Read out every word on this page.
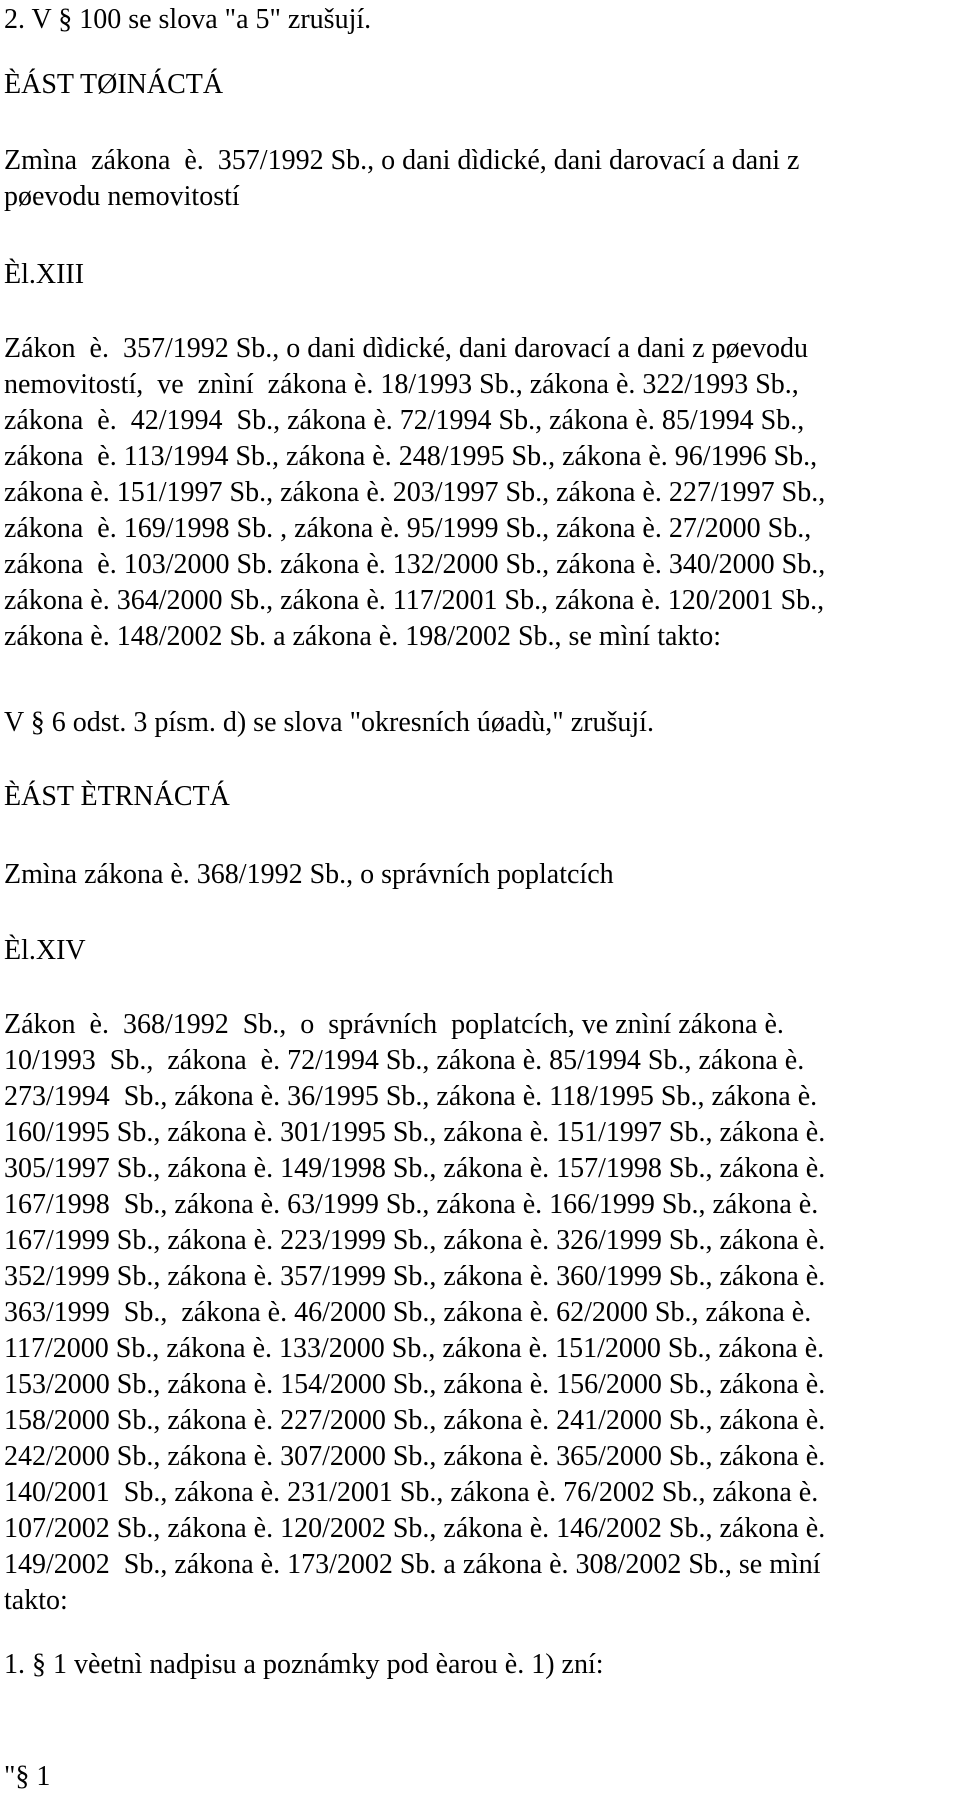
2. V § 100 se slova "a 5" zrušují.

ÈÁST TØINÁCTÁ

Zmìna  zákona  è.  357/1992 Sb., o dani dìdické, dani darovací a dani z
pøevodu nemovitostí

Èl.XIII

Zákon  è.  357/1992 Sb., o dani dìdické, dani darovací a dani z pøevodu
nemovitostí,  ve  znìní  zákona è. 18/1993 Sb., zákona è. 322/1993 Sb.,
zákona  è.  42/1994  Sb., zákona è. 72/1994 Sb., zákona è. 85/1994 Sb.,
zákona  è. 113/1994 Sb., zákona è. 248/1995 Sb., zákona è. 96/1996 Sb.,
zákona è. 151/1997 Sb., zákona è. 203/1997 Sb., zákona è. 227/1997 Sb.,
zákona  è. 169/1998 Sb. , zákona è. 95/1999 Sb., zákona è. 27/2000 Sb.,
zákona  è. 103/2000 Sb. zákona è. 132/2000 Sb., zákona è. 340/2000 Sb.,
zákona è. 364/2000 Sb., zákona è. 117/2001 Sb., zákona è. 120/2001 Sb.,
zákona è. 148/2002 Sb. a zákona è. 198/2002 Sb., se mìní takto:

V § 6 odst. 3 písm. d) se slova "okresních úøadù," zrušují.

ÈÁST ÈTRNÁCTÁ

Zmìna zákona è. 368/1992 Sb., o správních poplatcích

Èl.XIV

Zákon  è.  368/1992  Sb.,  o  správních  poplatcích, ve znìní zákona è.
10/1993  Sb.,  zákona  è. 72/1994 Sb., zákona è. 85/1994 Sb., zákona è.
273/1994  Sb., zákona è. 36/1995 Sb., zákona è. 118/1995 Sb., zákona è.
160/1995 Sb., zákona è. 301/1995 Sb., zákona è. 151/1997 Sb., zákona è.
305/1997 Sb., zákona è. 149/1998 Sb., zákona è. 157/1998 Sb., zákona è.
167/1998  Sb., zákona è. 63/1999 Sb., zákona è. 166/1999 Sb., zákona è.
167/1999 Sb., zákona è. 223/1999 Sb., zákona è. 326/1999 Sb., zákona è.
352/1999 Sb., zákona è. 357/1999 Sb., zákona è. 360/1999 Sb., zákona è.
363/1999  Sb.,  zákona è. 46/2000 Sb., zákona è. 62/2000 Sb., zákona è.
117/2000 Sb., zákona è. 133/2000 Sb., zákona è. 151/2000 Sb., zákona è.
153/2000 Sb., zákona è. 154/2000 Sb., zákona è. 156/2000 Sb., zákona è.
158/2000 Sb., zákona è. 227/2000 Sb., zákona è. 241/2000 Sb., zákona è.
242/2000 Sb., zákona è. 307/2000 Sb., zákona è. 365/2000 Sb., zákona è.
140/2001  Sb., zákona è. 231/2001 Sb., zákona è. 76/2002 Sb., zákona è.
107/2002 Sb., zákona è. 120/2002 Sb., zákona è. 146/2002 Sb., zákona è.
149/2002  Sb., zákona è. 173/2002 Sb. a zákona è. 308/2002 Sb., se mìní
takto:

1. § 1 vèetnì nadpisu a poznámky pod èarou è. 1) zní:

"§ 1
